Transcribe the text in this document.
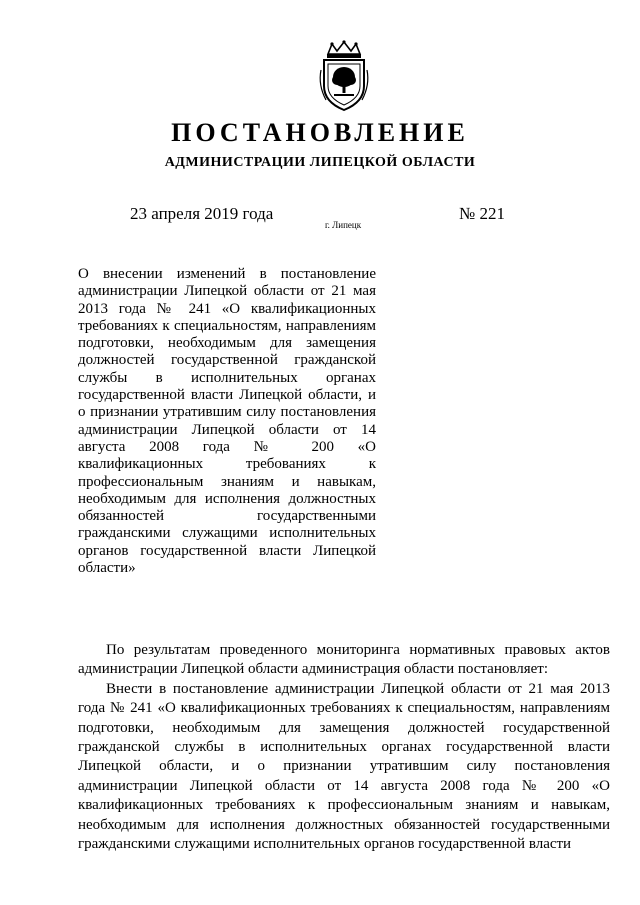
ПОСТАНОВЛЕНИЕ
АДМИНИСТРАЦИИ ЛИПЕЦКОЙ ОБЛАСТИ
23 апреля 2019 года
г. Липецк
№ 221
О внесении изменений в постановление администрации Липецкой области от 21 мая 2013 года № 241 «О квалификационных требованиях к специальностям, направлениям подготовки, необходимым для замещения должностей государственной гражданской службы в исполнительных органах государственной власти Липецкой области, и о признании утратившим силу постановления администрации Липецкой области от 14 августа 2008 года № 200 «О квалификационных требованиях к профессиональным знаниям и навыкам, необходимым для исполнения должностных обязанностей государственными гражданскими служащими исполнительных органов государственной власти Липецкой области»

По результатам проведенного мониторинга нормативных правовых актов администрации Липецкой области администрация области постановляет:

Внести в постановление администрации Липецкой области от 21 мая 2013 года № 241 «О квалификационных требованиях к специальностям, направлениям подготовки, необходимым для замещения должностей государственной гражданской службы в исполнительных органах государственной власти Липецкой области, и о признании утратившим силу постановления администрации Липецкой области от 14 августа 2008 года № 200 «О квалификационных требованиях к профессиональным знаниям и навыкам, необходимым для исполнения должностных обязанностей государственными гражданскими служащими исполнительных органов государственной власти
